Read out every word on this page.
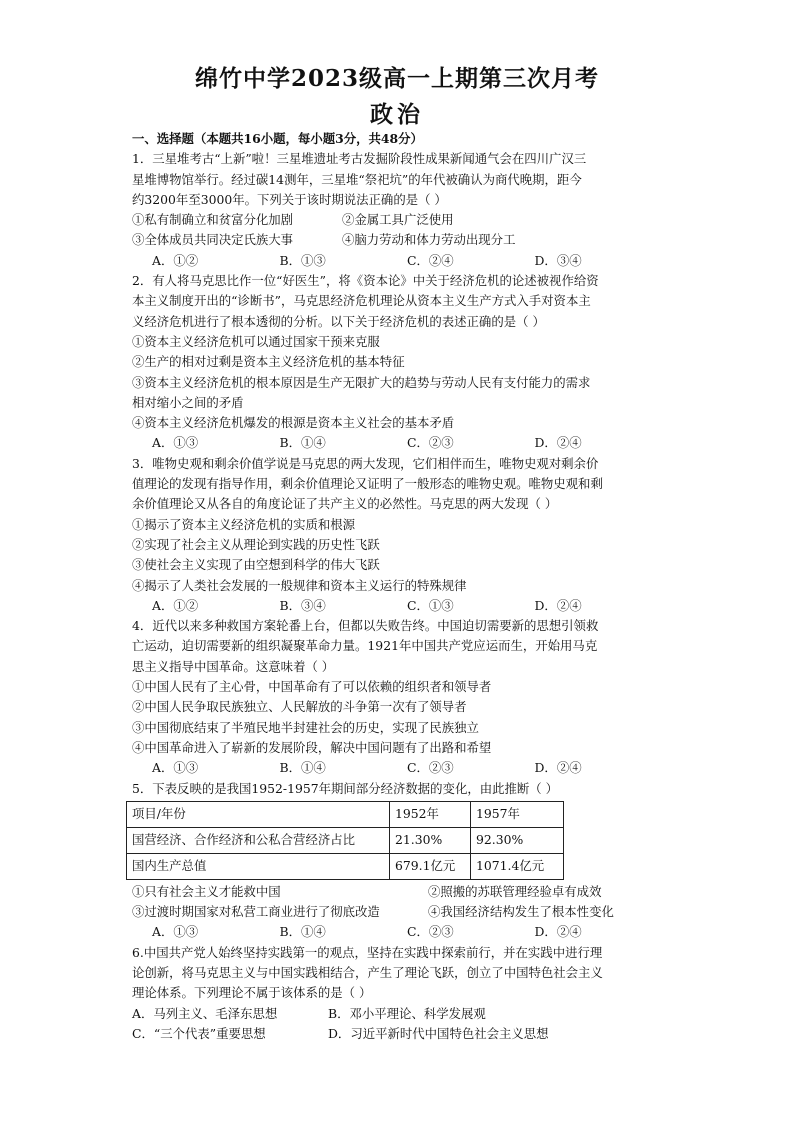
绵竹中学2023级高一上期第三次月考
政治
一、选择题（本题共16小题，每小题3分，共48分）
1．三星堆考古“上新”啦！三星堆遗址考古发掘阶段性成果新闻通气会在四川广汉三
星堆博物馆举行。经过碳14测年，三星堆“祭祀坑”的年代被确认为商代晚期，距今
约3200年至3000年。下列关于该时期说法正确的是（ ）
①私有制确立和贫富分化加剧	②金属工具广泛使用
③全体成员共同决定氏族大事	④脑力劳动和体力劳动出现分工
A．①②	B．①③	C．②④	D．③④
2．有人将马克思比作一位“好医生”，将《资本论》中关于经济危机的论述被视作给资
本主义制度开出的“诊断书”，马克思经济危机理论从资本主义生产方式入手对资本主
义经济危机进行了根本透彻的分析。以下关于经济危机的表述正确的是（ ）
①资本主义经济危机可以通过国家干预来克服
②生产的相对过剩是资本主义经济危机的基本特征
③资本主义经济危机的根本原因是生产无限扩大的趋势与劳动人民有支付能力的需求
相对缩小之间的矛盾
④资本主义经济危机爆发的根源是资本主义社会的基本矛盾
A．①③	B．①④	C．②③	D．②④
3．唯物史观和剩余价值学说是马克思的两大发现，它们相伴而生，唯物史观对剩余价
值理论的发现有指导作用，剩余价值理论又证明了一般形态的唯物史观。唯物史观和剩
余价值理论又从各自的角度论证了共产主义的必然性。马克思的两大发现（ ）
①揭示了资本主义经济危机的实质和根源
②实现了社会主义从理论到实践的历史性飞跃
③使社会主义实现了由空想到科学的伟大飞跃
④揭示了人类社会发展的一般规律和资本主义运行的特殊规律
A．①②	B．③④	C．①③	D．②④
4．近代以来多种救国方案轮番上台，但都以失败告终。中国迫切需要新的思想引领救
亡运动，迫切需要新的组织凝聚革命力量。1921年中国共产党应运而生，开始用马克
思主义指导中国革命。这意味着（ ）
①中国人民有了主心骨，中国革命有了可以依赖的组织者和领导者
②中国人民争取民族独立、人民解放的斗争第一次有了领导者
③中国彻底结束了半殖民地半封建社会的历史，实现了民族独立
④中国革命进入了崭新的发展阶段，解决中国问题有了出路和希望
A．①③	B．①④	C．②③	D．②④
5．下表反映的是我国1952-1957年期间部分经济数据的变化，由此推断（ ）
项目/年份	1952年	1957年
国营经济、合作经济和公私合营经济占比	21.30%	92.30%
国内生产总值	679.1亿元	1071.4亿元
①只有社会主义才能救中国	②照搬的苏联管理经验卓有成效
③过渡时期国家对私营工商业进行了彻底改造	④我国经济结构发生了根本性变化
A．①③	B．①④	C．②③	D．②④
6.中国共产党人始终坚持实践第一的观点，坚持在实践中探索前行，并在实践中进行理
论创新，将马克思主义与中国实践相结合，产生了理论飞跃，创立了中国特色社会主义
理论体系。下列理论不属于该体系的是（ ）
A．马列主义、毛泽东思想	B．邓小平理论、科学发展观
C．“三个代表”重要思想	D．习近平新时代中国特色社会主义思想
